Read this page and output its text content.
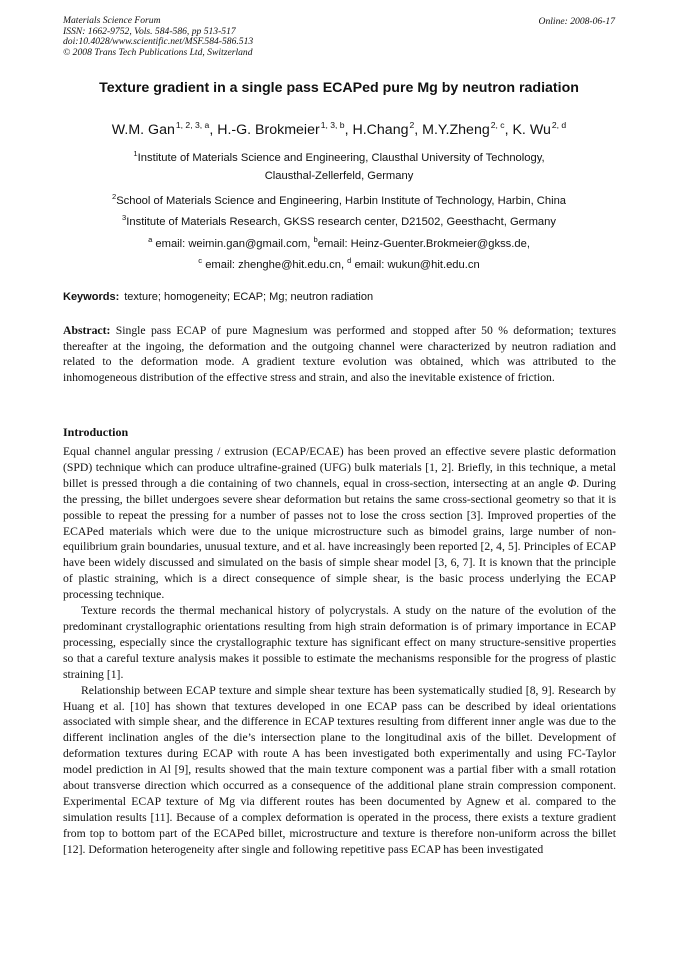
Materials Science Forum
ISSN: 1662-9752, Vols. 584-586, pp 513-517
doi:10.4028/www.scientific.net/MSF.584-586.513
© 2008 Trans Tech Publications Ltd, Switzerland
Online: 2008-06-17
Texture gradient in a single pass ECAPed pure Mg by neutron radiation
W.M. Gan$^{1, 2, 3, a}$, H.-G. Brokmeier$^{1, 3, b}$, H.Chang$^2$, M.Y.Zheng$^{2, c}$, K. Wu$^{2, d}$
$^1$Institute of Materials Science and Engineering, Clausthal University of Technology,
Clausthal-Zellerfeld, Germany
$^2$School of Materials Science and Engineering, Harbin Institute of Technology, Harbin, China
$^3$Institute of Materials Research, GKSS research center, D21502, Geesthacht, Germany
$^a$ email: weimin.gan@gmail.com, $^b$email: Heinz-Guenter.Brokmeier@gkss.de,
$^c$ email: zhenghe@hit.edu.cn, $^d$ email: wukun@hit.edu.cn
Keywords: texture; homogeneity; ECAP; Mg; neutron radiation

Abstract: Single pass ECAP of pure Magnesium was performed and stopped after 50 % deformation; textures thereafter at the ingoing, the deformation and the outgoing channel were characterized by neutron radiation and related to the deformation mode. A gradient texture evolution was obtained, which was attributed to the inhomogeneous distribution of the effective stress and strain, and also the inevitable existence of friction.

Introduction

Equal channel angular pressing / extrusion (ECAP/ECAE) has been proved an effective severe plastic deformation (SPD) technique which can produce ultrafine-grained (UFG) bulk materials [1, 2]. Briefly, in this technique, a metal billet is pressed through a die containing of two channels, equal in cross-section, intersecting at an angle Φ. During the pressing, the billet undergoes severe shear deformation but retains the same cross-sectional geometry so that it is possible to repeat the pressing for a number of passes not to lose the cross section [3]. Improved properties of the ECAPed materials which were due to the unique microstructure such as bimodel grains, large number of non-equilibrium grain boundaries, unusual texture, and et al. have increasingly been reported [2, 4, 5]. Principles of ECAP have been widely discussed and simulated on the basis of simple shear model [3, 6, 7]. It is known that the principle of plastic straining, which is a direct consequence of simple shear, is the basic process underlying the ECAP processing technique.

Texture records the thermal mechanical history of polycrystals. A study on the nature of the evolution of the predominant crystallographic orientations resulting from high strain deformation is of primary importance in ECAP processing, especially since the crystallographic texture has significant effect on many structure-sensitive properties so that a careful texture analysis makes it possible to estimate the mechanisms responsible for the progress of plastic straining [1].

Relationship between ECAP texture and simple shear texture has been systematically studied [8, 9]. Research by Huang et al. [10] has shown that textures developed in one ECAP pass can be described by ideal orientations associated with simple shear, and the difference in ECAP textures resulting from different inner angle was due to the different inclination angles of the die’s intersection plane to the longitudinal axis of the billet. Development of deformation textures during ECAP with route A has been investigated both experimentally and using FC-Taylor model prediction in Al [9], results showed that the main texture component was a partial fiber with a small rotation about transverse direction which occurred as a consequence of the additional plane strain compression component. Experimental ECAP texture of Mg via different routes has been documented by Agnew et al. compared to the simulation results [11]. Because of a complex deformation is operated in the process, there exists a texture gradient from top to bottom part of the ECAPed billet, microstructure and texture is therefore non-uniform across the billet [12]. Deformation heterogeneity after single and following repetitive pass ECAP has been investigated
